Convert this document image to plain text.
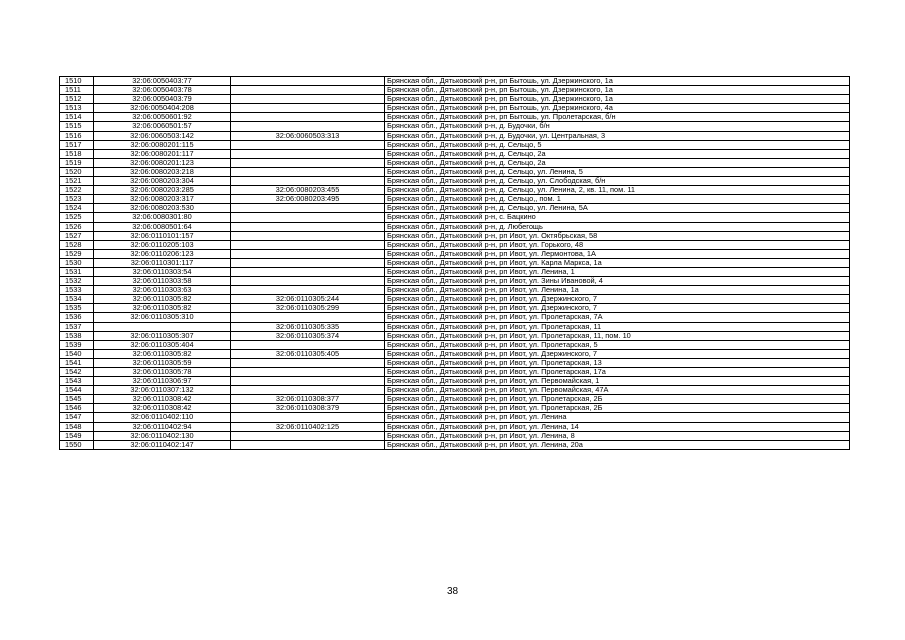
1510	32:06:0050403:77		Брянская обл., Дятьковский р-н, рп Бытошь, ул. Дзержинского, 1а
1511	32:06:0050403:78		Брянская обл., Дятьковский р-н, рп Бытошь, ул. Дзержинского, 1а
1512	32:06:0050403:79		Брянская обл., Дятьковский р-н, рп Бытошь, ул. Дзержинского, 1а
1513	32:06:0050404:208		Брянская обл., Дятьковский р-н, рп Бытошь, ул. Дзержинского, 4а
1514	32:06:0050601:92		Брянская обл., Дятьковский р-н, рп Бытошь, ул. Пролетарская, б/н
1515	32:06:0060501:57		Брянская обл., Дятьковский р-н, д. Будочки, б/н
1516	32:06:0060503:142	32:06:0060503:313	Брянская обл., Дятьковский р-н, д. Будочки, ул. Центральная, 3
1517	32:06:0080201:115		Брянская обл., Дятьковский р-н, д. Сельцо, 5
1518	32:06:0080201:117		Брянская обл., Дятьковский р-н, д. Сельцо, 2а
1519	32:06:0080201:123		Брянская обл., Дятьковский р-н, д. Сельцо, 2а
1520	32:06:0080203:218		Брянская обл., Дятьковский р-н, д. Сельцо, ул. Ленина, 5
1521	32:06:0080203:304		Брянская обл., Дятьковский р-н, д. Сельцо, ул. Слободская, б/н
1522	32:06:0080203:285	32:06:0080203:455	Брянская обл., Дятьковский р-н, д. Сельцо, ул. Ленина, 2, кв. 11, пом. 11
1523	32:06:0080203:317	32:06:0080203:495	Брянская обл., Дятьковский р-н, д. Сельцо,, пом. 1
1524	32:06:0080203:530		Брянская обл., Дятьковский р-н, д. Сельцо, ул. Ленина, 5А
1525	32:06:0080301:80		Брянская обл., Дятьковский р-н, с. Бацкино
1526	32:06:0080501:64		Брянская обл., Дятьковский р-н, д. Любегощь
1527	32:06:0110101:157		Брянская обл., Дятьковский р-н, рп Ивот, ул. Октябрьская, 58
1528	32:06:0110205:103		Брянская обл., Дятьковский р-н, рп Ивот, ул. Горького, 48
1529	32:06:0110206:123		Брянская обл., Дятьковский р-н, рп Ивот, ул. Лермонтова, 1А
1530	32:06:0110301:117		Брянская обл., Дятьковский р-н, рп Ивот, ул. Карла Маркса, 1а
1531	32:06:0110303:54		Брянская обл., Дятьковский р-н, рп Ивот, ул. Ленина, 1
1532	32:06:0110303:58		Брянская обл., Дятьковский р-н, рп Ивот, ул. Зины Ивановой, 4
1533	32:06:0110303:63		Брянская обл., Дятьковский р-н, рп Ивот, ул. Ленина, 1а
1534	32:06:0110305:82	32:06:0110305:244	Брянская обл., Дятьковский р-н, рп Ивот, ул. Дзержинского, 7
1535	32:06:0110305:82	32:06:0110305:299	Брянская обл., Дятьковский р-н, рп Ивот, ул. Дзержинского, 7
1536	32:06:0110305:310		Брянская обл., Дятьковский р-н, рп Ивот, ул. Пролетарская, 7А
1537		32:06:0110305:335	Брянская обл., Дятьковский р-н, рп Ивот, ул. Пролетарская, 11
1538	32:06:0110305:307	32:06:0110305:374	Брянская обл., Дятьковский р-н, рп Ивот, ул. Пролетарская, 11, пом. 10
1539	32:06:0110305:404		Брянская обл., Дятьковский р-н, рп Ивот, ул. Пролетарская, 5
1540	32:06:0110305:82	32:06:0110305:405	Брянская обл., Дятьковский р-н, рп Ивот, ул. Дзержинского, 7
1541	32:06:0110305:59		Брянская обл., Дятьковский р-н, рп Ивот, ул. Пролетарская, 13
1542	32:06:0110305:78		Брянская обл., Дятьковский р-н, рп Ивот, ул. Пролетарская, 17а
1543	32:06:0110306:97		Брянская обл., Дятьковский р-н, рп Ивот, ул. Первомайская, 1
1544	32:06:0110307:132		Брянская обл., Дятьковский р-н, рп Ивот, ул. Первомайская, 47А
1545	32:06:0110308:42	32:06:0110308:377	Брянская обл., Дятьковский р-н, рп Ивот, ул. Пролетарская, 2Б
1546	32:06:0110308:42	32:06:0110308:379	Брянская обл., Дятьковский р-н, рп Ивот, ул. Пролетарская, 2Б
1547	32:06:0110402:110		Брянская обл., Дятьковский р-н, рп Ивот, ул. Ленина
1548	32:06:0110402:94	32:06:0110402:125	Брянская обл., Дятьковский р-н, рп Ивот, ул. Ленина, 14
1549	32:06:0110402:130		Брянская обл., Дятьковский р-н, рп Ивот, ул. Ленина, 8
1550	32:06:0110402:147		Брянская обл., Дятьковский р-н, рп Ивот, ул. Ленина, 20а
38
